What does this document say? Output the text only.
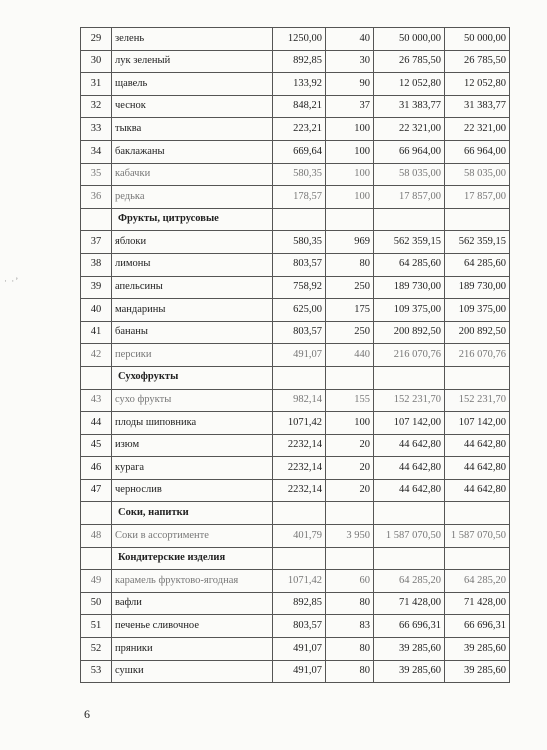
29	зелень	1250,00	40	50 000,00	50 000,00
30	лук зеленый	892,85	30	26 785,50	26 785,50
31	щавель	133,92	90	12 052,80	12 052,80
32	чеснок	848,21	37	31 383,77	31 383,77
33	тыква	223,21	100	22 321,00	22 321,00
34	баклажаны	669,64	100	66 964,00	66 964,00
35	кабачки	580,35	100	58 035,00	58 035,00
36	редька	178,57	100	17 857,00	17 857,00
	Фрукты, цитрусовые				
37	яблоки	580,35	969	562 359,15	562 359,15
38	лимоны	803,57	80	64 285,60	64 285,60
39	апельсины	758,92	250	189 730,00	189 730,00
40	мандарины	625,00	175	109 375,00	109 375,00
41	бананы	803,57	250	200 892,50	200 892,50
42	персики	491,07	440	216 070,76	216 070,76
	Сухофрукты				
43	сухо фрукты	982,14	155	152 231,70	152 231,70
44	плоды шиповника	1071,42	100	107 142,00	107 142,00
45	изюм	2232,14	20	44 642,80	44 642,80
46	курага	2232,14	20	44 642,80	44 642,80
47	чернослив	2232,14	20	44 642,80	44 642,80
	Соки, напитки				
48	Соки в ассортименте	401,79	3 950	1 587 070,50	1 587 070,50
	Кондитерские изделия				
49	карамель фруктово-ягодная	1071,42	60	64 285,20	64 285,20
50	вафли	892,85	80	71 428,00	71 428,00
51	печенье сливочное	803,57	83	66 696,31	66 696,31
52	пряники	491,07	80	39 285,60	39 285,60
53	сушки	491,07	80	39 285,60	39 285,60
· ·’
6
